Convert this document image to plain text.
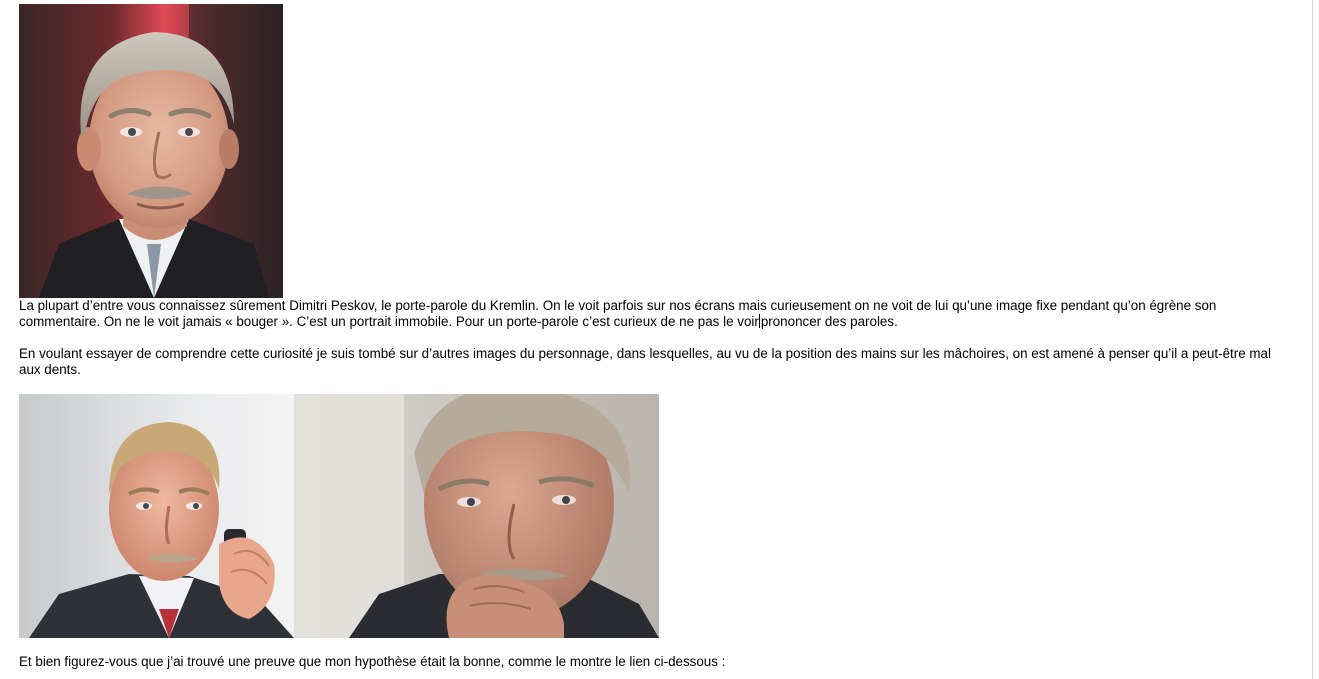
La plupart d’entre vous connaissez sûrement Dimitri Peskov, le porte-parole du Kremlin. On le voit parfois sur nos écrans mais curieusement on ne voit de lui qu’une image fixe pendant qu’on égrène son commentaire. On ne le voit jamais « bouger ». C’est un portrait immobile. Pour un porte-parole c’est curieux de ne pas le voir prononcer des paroles.

En voulant essayer de comprendre cette curiosité je suis tombé sur d’autres images du personnage, dans lesquelles, au vu de la position des mains sur les mâchoires, on est amené à penser qu’il a peut-être mal aux dents.

Et bien figurez-vous que j’ai trouvé une preuve que mon hypothèse était la bonne, comme le montre le lien ci-dessous :
